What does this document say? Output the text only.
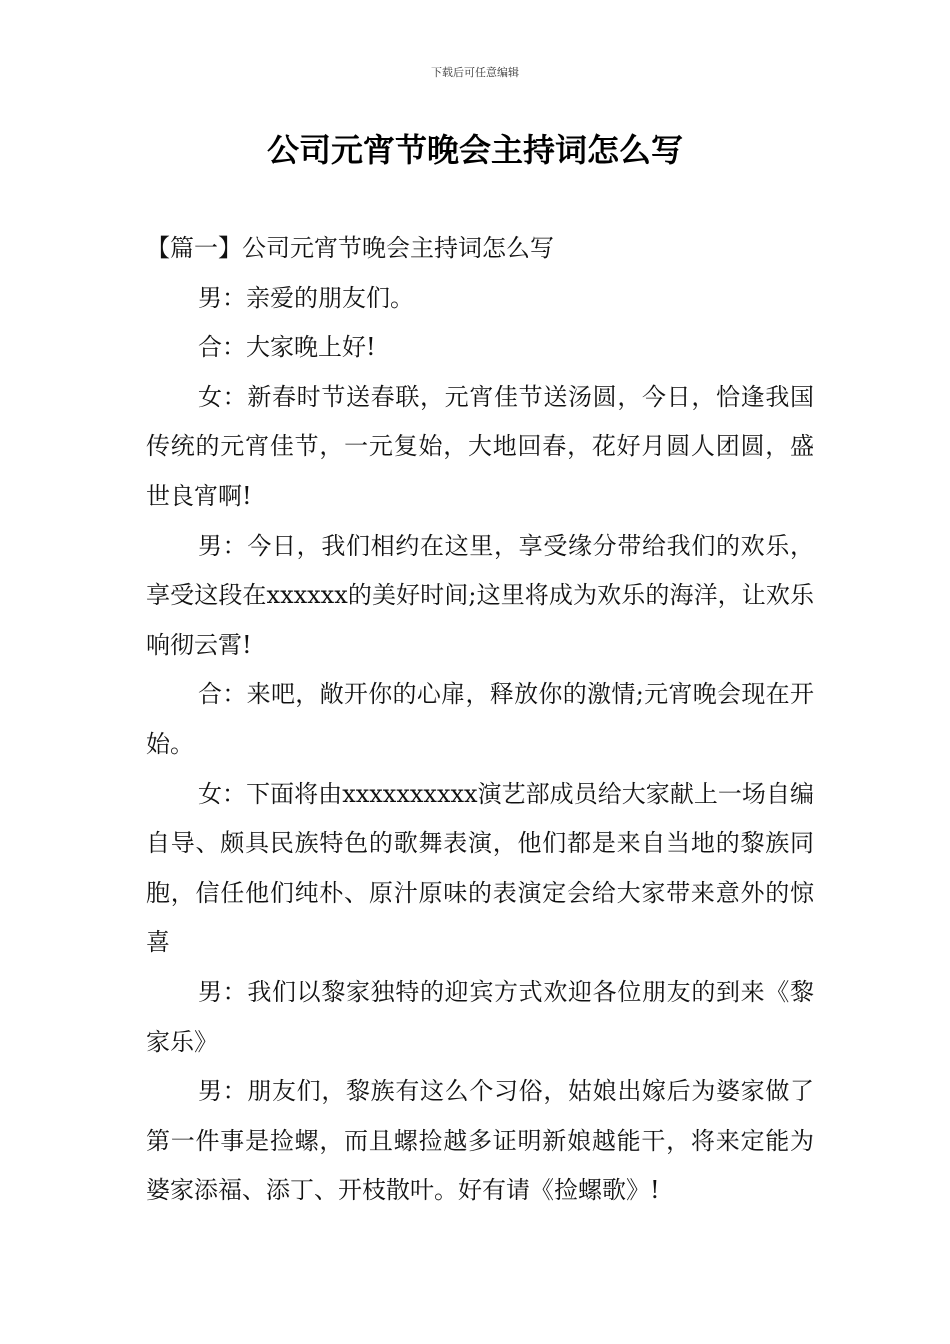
下载后可任意编辑
公司元宵节晚会主持词怎么写

【篇一】公司元宵节晚会主持词怎么写

男：亲爱的朋友们。

合：大家晚上好!

女：新春时节送春联，元宵佳节送汤圆，今日，恰逢我国传统的元宵佳节，一元复始，大地回春，花好月圆人团圆，盛世良宵啊!

男：今日，我们相约在这里，享受缘分带给我们的欢乐，享受这段在xxxxxx的美好时间;这里将成为欢乐的海洋，让欢乐响彻云霄!

合：来吧，敞开你的心扉，释放你的激情;元宵晚会现在开始。

女：下面将由xxxxxxxxxx演艺部成员给大家献上一场自编自导、颇具民族特色的歌舞表演，他们都是来自当地的黎族同胞，信任他们纯朴、原汁原味的表演定会给大家带来意外的惊喜

男：我们以黎家独特的迎宾方式欢迎各位朋友的到来《黎家乐》

男：朋友们，黎族有这么个习俗，姑娘出嫁后为婆家做了第一件事是捡螺，而且螺捡越多证明新娘越能干，将来定能为婆家添福、添丁、开枝散叶。好有请《捡螺歌》!
